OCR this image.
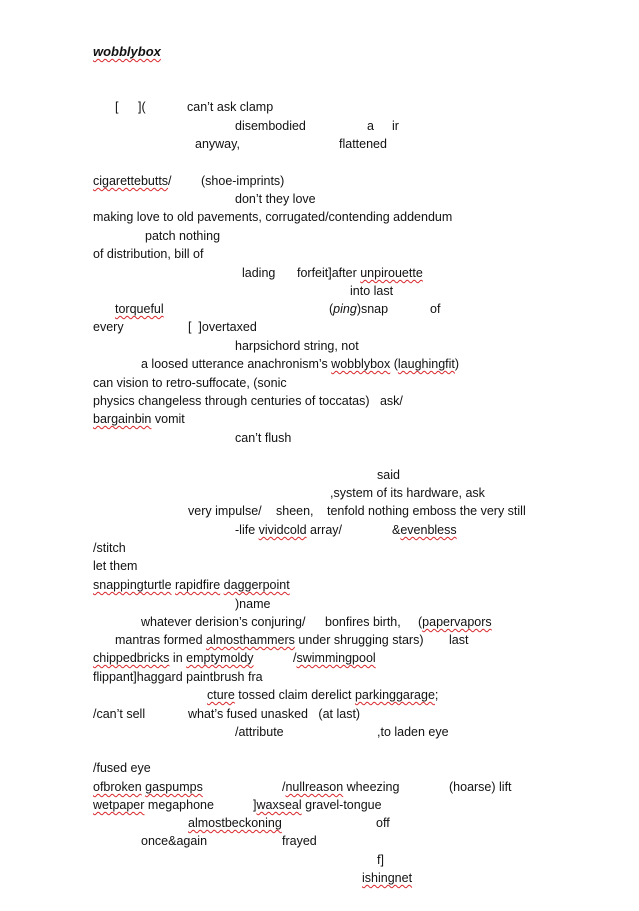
wobblybox
[ ](	can’t ask clamp
disembodied	a ir
anyway,	flattened
cigarettebutts/ (shoe-imprints)
don’t they love
making love to old pavements, corrugated/contending addendum
patch nothing
of distribution, bill of
lading forfeit]after unpirouette
into last
torqueful	(ping)snap	of
every	[  ]overtaxed
harpsichord string, not
a loosed utterance anachronism’s wobblybox (laughingfit)
can vision to retro-suffocate, (sonic
physics changeless through centuries of toccatas)   ask/
bargainbin vomit
can’t flush
said
,system of its hardware, ask
very impulse/ sheen, tenfold nothing emboss the very still
-life vividcold array/	&evenbless
/stitch
let them
snappingturtle rapidfire daggerpoint
)name
whatever derision’s conjuring/ bonfires birth, (papervapors
mantras formed almosthammers under shrugging stars) last
chippedbricks in emptymoldy	/swimmingpool
flippant]haggard paintbrush fra
cture tossed claim derelict parkinggarage;
/can’t sell	what’s fused unasked   (at last)
/attribute	,to laden eye
/fused eye
ofbroken gaspumps	/nullreason wheezing	(hoarse) lift
wetpaper megaphone	]waxseal gravel-tongue
almostbeckoning	off
once&again	frayed
f]
ishingnet
